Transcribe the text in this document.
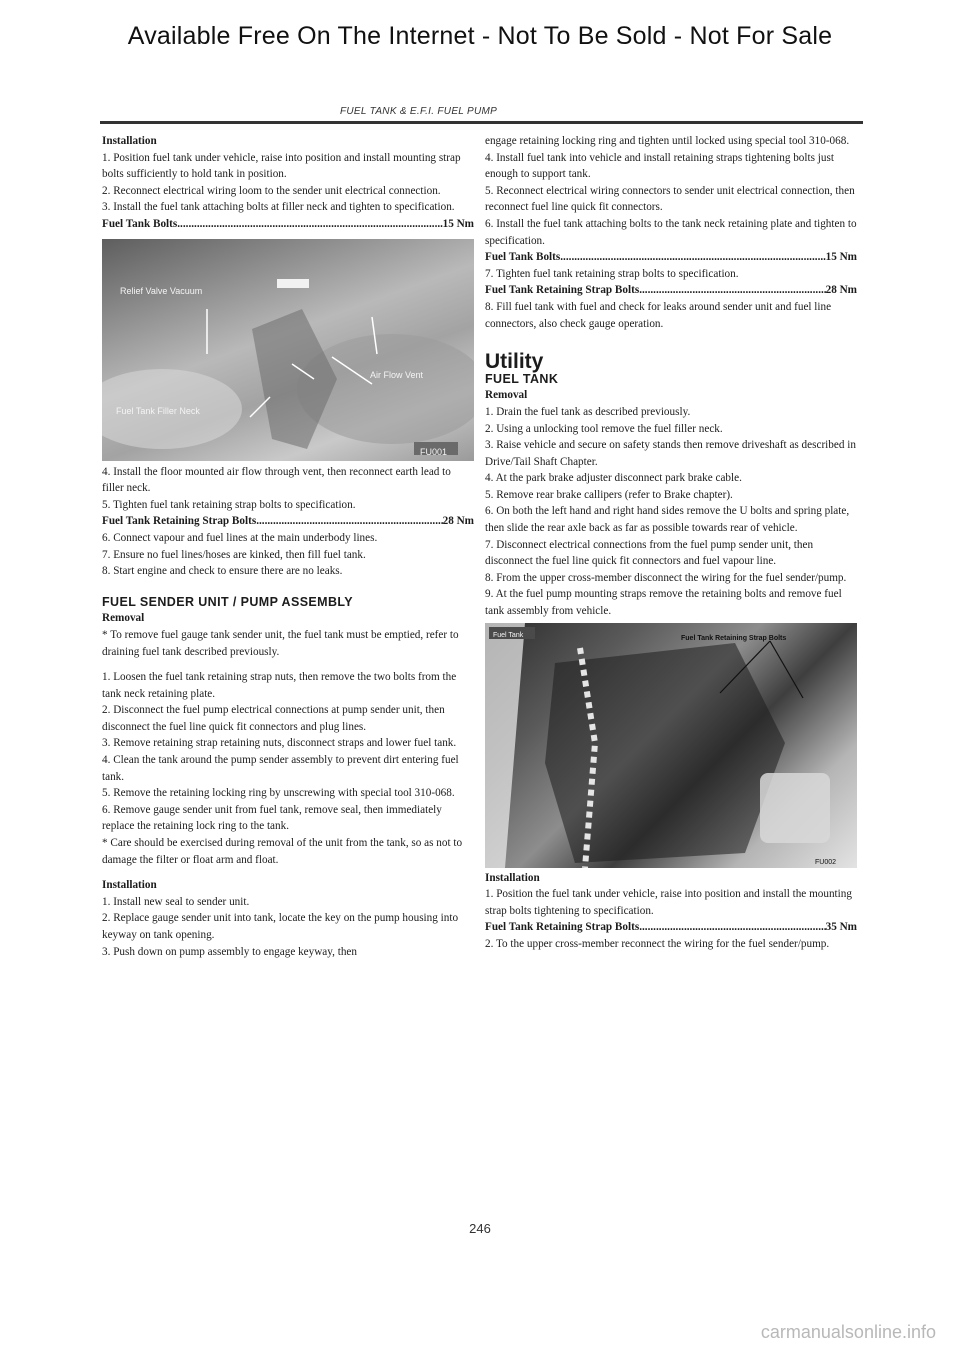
Available Free On The Internet - Not To Be Sold - Not For Sale
FUEL TANK & E.F.I. FUEL PUMP

Installation

1. Position fuel tank under vehicle, raise into position and install mounting strap bolts sufficiently to hold tank in position.

2. Reconnect electrical wiring loom to the sender unit electrical connection.

3. Install the fuel tank attaching bolts at filler neck and tighten to specification.

Fuel Tank Bolts .....	15 Nm
Relief Valve Vacuum
Air Flow Vent
Fuel Tank Filler Neck
FU001

4. Install the floor mounted air flow through vent, then reconnect earth lead to filler neck.

5. Tighten fuel tank retaining strap bolts to specification.

Fuel Tank Retaining Strap Bolts .....	28 Nm

6. Connect vapour and fuel lines at the main underbody lines.

7. Ensure no fuel lines/hoses are kinked, then fill fuel tank.

8. Start engine and check to ensure there are no leaks.

FUEL SENDER UNIT / PUMP ASSEMBLY

Removal

* To remove fuel gauge tank sender unit, the fuel tank must be emptied, refer to draining fuel tank described previously.

1. Loosen the fuel tank retaining strap nuts, then remove the two bolts from the tank neck retaining plate.

2. Disconnect the fuel pump electrical connections at pump sender unit, then disconnect the fuel line quick fit connectors and plug lines.

3. Remove retaining strap retaining nuts, disconnect straps and lower fuel tank.

4. Clean the tank around the pump sender assembly to prevent dirt entering fuel tank.

5. Remove the retaining locking ring by unscrewing with special tool 310-068.

6. Remove gauge sender unit from fuel tank, remove seal, then immediately replace the retaining lock ring to the tank.

* Care should be exercised during removal of the unit from the tank, so as not to damage the filter or float arm and float.

Installation

1. Install new seal to sender unit.

2. Replace gauge sender unit into tank, locate the key on the pump housing into keyway on tank opening.

3. Push down on pump assembly to engage keyway, then

engage retaining locking ring and tighten until locked using special tool 310-068.

4. Install fuel tank into vehicle and install retaining straps tightening bolts just enough to support tank.

5. Reconnect electrical wiring connectors to sender unit electrical connection, then reconnect fuel line quick fit connectors.

6. Install the fuel tank attaching bolts to the tank neck retaining plate and tighten to specification.

Fuel Tank Bolts .....	15 Nm

7. Tighten fuel tank retaining strap bolts to specification.

Fuel Tank Retaining Strap Bolts .....	28 Nm

8. Fill fuel tank with fuel and check for leaks around sender unit and fuel line connectors, also check gauge operation.

Utility

FUEL TANK

Removal

1. Drain the fuel tank as described previously.

2. Using a unlocking tool remove the fuel filler neck.

3. Raise vehicle and secure on safety stands then remove driveshaft as described in Drive/Tail Shaft Chapter.

4. At the park brake adjuster disconnect park brake cable.

5. Remove rear brake callipers (refer to Brake chapter).

6. On both the left hand and right hand sides remove the U bolts and spring plate, then slide the rear axle back as far as possible towards rear of vehicle.

7. Disconnect electrical connections from the fuel pump sender unit, then disconnect the fuel line quick fit connectors and fuel vapour line.

8. From the upper cross-member disconnect the wiring for the fuel sender/pump.

9. At the fuel pump mounting straps remove the retaining bolts and remove fuel tank assembly from vehicle.

Fuel Tank	Fuel Tank Retaining Strap Bolts
FU002

Installation

1. Position the fuel tank under vehicle, raise into position and install the mounting strap bolts tightening to specification.

Fuel Tank Retaining Strap Bolts .....	35 Nm

2. To the upper cross-member reconnect the wiring for the fuel sender/pump.

246
carmanualsonline.info
